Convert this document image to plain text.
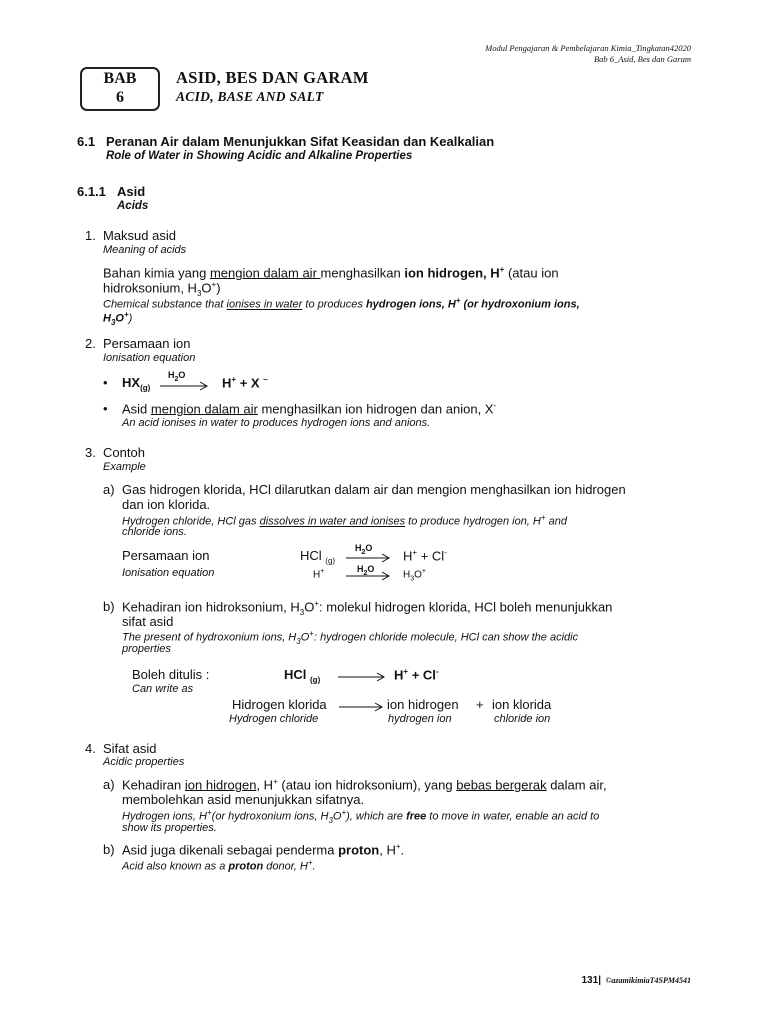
Modul Pengajaran & Pembelajaran Kimia_Tingkatan42020
Bab 6_Asid, Bes dan Garam
BAB
6
ASID, BES DAN GARAM
ACID, BASE AND SALT
6.1 Peranan Air dalam Menunjukkan Sifat Keasidan dan Kealkalian
Role of Water in Showing Acidic and Alkaline Properties
6.1.1 Asid
Acids
1. Maksud asid
Meaning of acids
Bahan kimia yang mengion dalam air menghasilkan ion hidrogen, H+ (atau ion
hidroksonium, $H_3O^+$)
Chemical substance that ionises in water to produces hydrogen ions, H+ (or hydroxonium ions,
$H_3O^+$)
2. Persamaan ion
Ionisation equation
• $HX_{(g)}$
$H_2O$
→ H+ + X –
• Asid mengion dalam air menghasilkan ion hidrogen dan anion, X-
An acid ionises in water to produces hydrogen ions and anions.
3. Contoh
Example
a) Gas hidrogen klorida, HCl dilarutkan dalam air dan mengion menghasilkan ion hidrogen
dan ion klorida.
Hydrogen chloride, HCl gas dissolves in water and ionises to produce hydrogen ion, H+ and
chloride ions.
Persamaan ion
Ionisation equation
HCl $_{(g)}$
$H_2O$
→ H+ + Cl-
H+	$H_2O$
→ $H_3O^+$
b) Kehadiran ion hidroksonium, $H_3O^+$: molekul hidrogen klorida, HCl boleh menunjukkan
sifat asid
The present of hydroxonium ions, $H_3O^+$: hydrogen chloride molecule, HCl can show the acidic
properties
Boleh ditulis :
Can write as
HCl $_{(g)}$ → H+ + Cl-
Hidrogen klorida → ion hidrogen + ion klorida
Hydrogen chloride	hydrogen ion	chloride ion
4. Sifat asid
Acidic properties
a) Kehadiran ion hidrogen, H+ (atau ion hidroksonium), yang bebas bergerak dalam air,
membolehkan asid menunjukkan sifatnya.
Hydrogen ions, H+(or hydroxonium ions, $H_3O^+$), which are free to move in water, enable an acid to
show its properties.
b) Asid juga dikenali sebagai penderma proton, H+.
Acid also known as a proton donor, H+.
131| ©azamikimiaT4SPM4541
